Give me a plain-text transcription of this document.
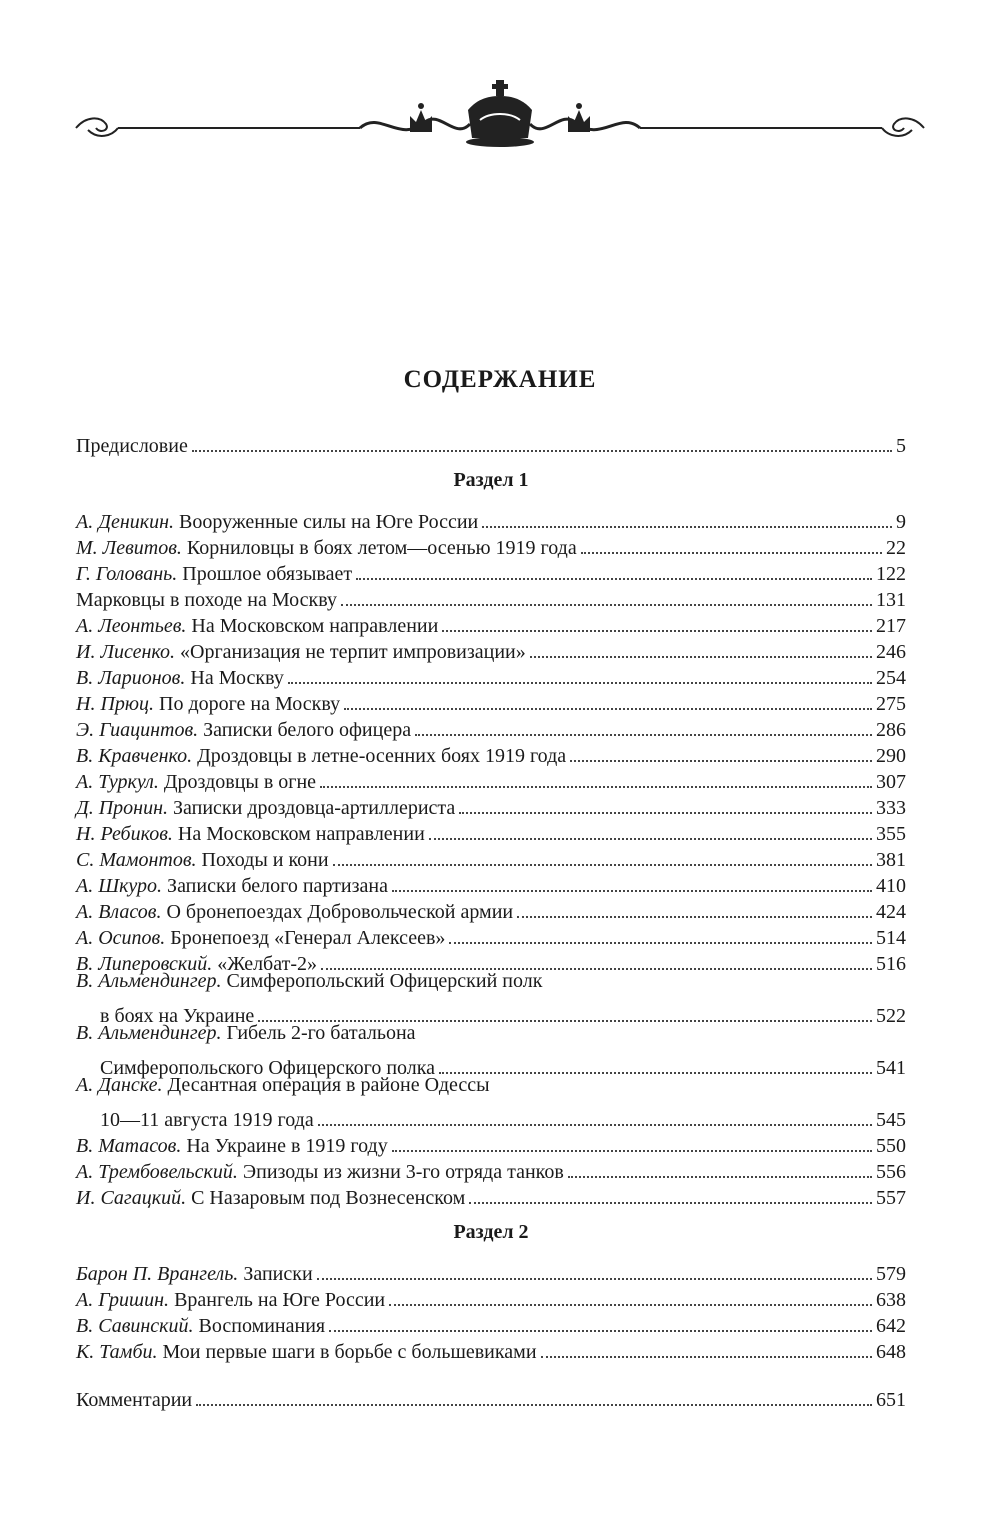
СОДЕРЖАНИЕ
Предисловие	5
Раздел 1
А. Деникин. Вооруженные силы на Юге России	9
М. Левитов. Корниловцы в боях летом—осенью 1919 года	22
Г. Головань. Прошлое обязывает	122
Марковцы в походе на Москву	131
А. Леонтьев. На Московском направлении	217
И. Лисенко. «Организация не терпит импровизации»	246
В. Ларионов. На Москву	254
Н. Прюц. По дороге на Москву	275
Э. Гиацинтов. Записки белого офицера	286
В. Кравченко. Дроздовцы в летне-осенних боях 1919 года	290
А. Туркул. Дроздовцы в огне	307
Д. Пронин. Записки дроздовца-артиллериста	333
Н. Ребиков. На Московском направлении	355
С. Мамонтов. Походы и кони	381
А. Шкуро. Записки белого партизана	410
А. Власов. О бронепоездах Добровольческой армии	424
А. Осипов. Бронепоезд «Генерал Алексеев»	514
В. Липеровский. «Желбат-2»	516
В. Альмендингер. Симферопольский Офицерский полк
в боях на Украине	522
В. Альмендингер. Гибель 2-го батальона
Симферопольского Офицерского полка	541
А. Данске. Десантная операция в районе Одессы
10—11 августа 1919 года	545
В. Матасов. На Украине в 1919 году	550
А. Трембовельский. Эпизоды из жизни 3-го отряда танков	556
И. Сагацкий. С Назаровым под Вознесенском	557
Раздел 2
Барон П. Врангель. Записки	579
А. Гришин. Врангель на Юге России	638
В. Савинский. Воспоминания	642
К. Тамби. Мои первые шаги в борьбе с большевиками	648
Комментарии	651
